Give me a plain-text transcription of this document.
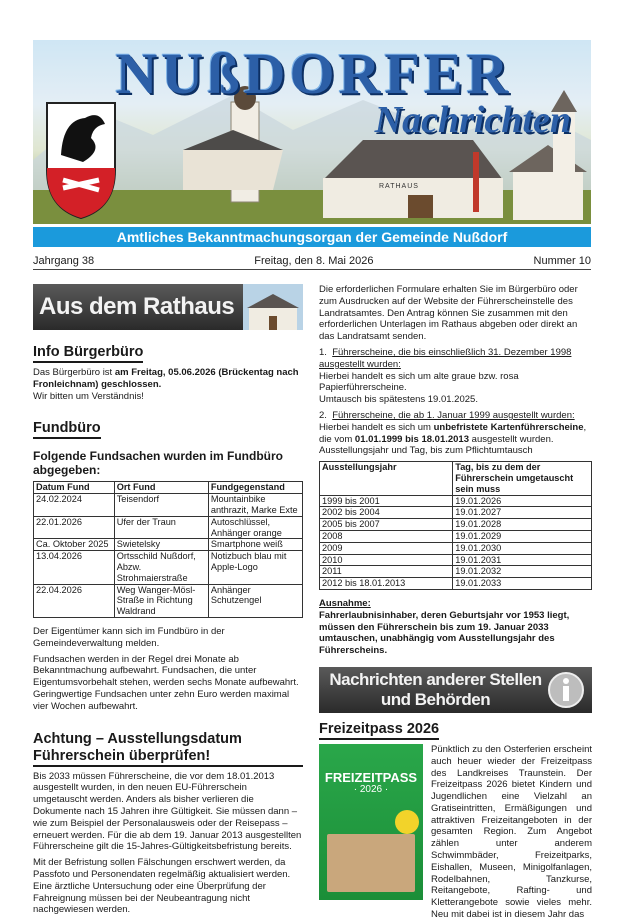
NUßDORFER
Nachrichten
RATHAUS
Amtliches Bekanntmachungsorgan der Gemeinde Nußdorf
Jahrgang 38	Freitag, den 8. Mai 2026	Nummer 10
Aus dem Rathaus
Info Bürgerbüro

Das Bürgerbüro ist am Freitag, 05.06.2026 (Brückentag nach Fronleichnam) geschlossen.
Wir bitten um Verständnis!

Fundbüro
Folgende Fundsachen wurden im Fundbüro abgegeben:
Datum Fund	Ort Fund	Fundgegenstand
24.02.2024	Teisendorf	Mountainbike anthrazit, Marke Exte
22.01.2026	Ufer der Traun	Autoschlüssel, Anhänger orange
Ca. Oktober 2025	Swietelsky	Smartphone weiß
13.04.2026	Ortsschild Nußdorf, Abzw. Strohmaierstraße	Notizbuch blau mit Apple-Logo
22.04.2026	Weg Wanger-Mösl-Straße in Richtung Waldrand	Anhänger Schutzengel

Der Eigentümer kann sich im Fundbüro in der Gemeindeverwaltung melden.

Fundsachen werden in der Regel drei Monate ab Bekanntmachung aufbewahrt. Fundsachen, die unter Eigentumsvorbehalt stehen, werden sechs Monate aufbewahrt. Geringwertige Fundsachen unter zehn Euro werden maximal vier Wochen aufbewahrt.

Achtung – Ausstellungsdatum Führerschein überprüfen!

Bis 2033 müssen Führerscheine, die vor dem 18.01.2013 ausgestellt wurden, in den neuen EU-Führerschein umgetauscht werden. Anders als bisher verlieren die Dokumente nach 15 Jahren ihre Gültigkeit. Sie müssen dann – wie zum Beispiel der Personalausweis oder der Reisepass – erneuert werden. Für die ab dem 19. Januar 2013 ausgestellten Führerscheine gilt die 15-Jahres-Gültigkeitsbefristung bereits.

Mit der Befristung sollen Fälschungen erschwert werden, da Passfoto und Personendaten regelmäßig aktualisiert werden. Eine ärztliche Untersuchung oder eine Überprüfung der Fahreignung müssen bei der Neubeantragung nicht nachgewiesen werden.

Die erforderlichen Formulare erhalten Sie im Bürgerbüro oder zum Ausdrucken auf der Website der Führerscheinstelle des Landratsamtes. Den Antrag können Sie zusammen mit den erforderlichen Unterlagen im Rathaus abgeben oder direkt an das Landratsamt senden.

1. Führerscheine, die bis einschließlich 31. Dezember 1998 ausgestellt wurden:
Hierbei handelt es sich um alte graue bzw. rosa Papierführerscheine.
Umtausch bis spätestens 19.01.2025.

2. Führerscheine, die ab 1. Januar 1999 ausgestellt wurden:
Hierbei handelt es sich um unbefristete Kartenführerscheine, die vom 01.01.1999 bis 18.01.2013 ausgestellt wurden.
Ausstellungsjahr und Tag, bis zum Pflichtumtausch

Ausstellungsjahr	Tag, bis zu dem der Führerschein umgetauscht sein muss
1999 bis 2001	19.01.2026
2002 bis 2004	19.01.2027
2005 bis 2007	19.01.2028
2008	19.01.2029
2009	19.01.2030
2010	19.01.2031
2011	19.01.2032
2012 bis 18.01.2013	19.01.2033

Ausnahme:

Fahrerlaubnisinhaber, deren Geburtsjahr vor 1953 liegt, müssen den Führerschein bis zum 19. Januar 2033 umtauschen, unabhängig vom Ausstellungsjahr des Führerscheins.

Nachrichten anderer Stellen und Behörden
Freizeitpass 2026
FREIZEITPASS
· 2026 ·

Pünktlich zu den Osterferien erscheint auch heuer wieder der Freizeitpass des Landkreises Traunstein. Der Freizeitpass 2026 bietet Kindern und Jugendlichen eine Vielzahl an Gratiseintritten, Ermäßigungen und attraktiven Freizeitangeboten in der gesamten Region. Zum Angebot zählen unter anderem Schwimmbäder, Freizeitparks, Eishallen, Museen, Minigolfanlagen, Rodelbahnen, Tanzkurse, Reitangebote, Rafting- und Kletterangebote sowie vieles mehr. Neu mit dabei ist in diesem Jahr das
